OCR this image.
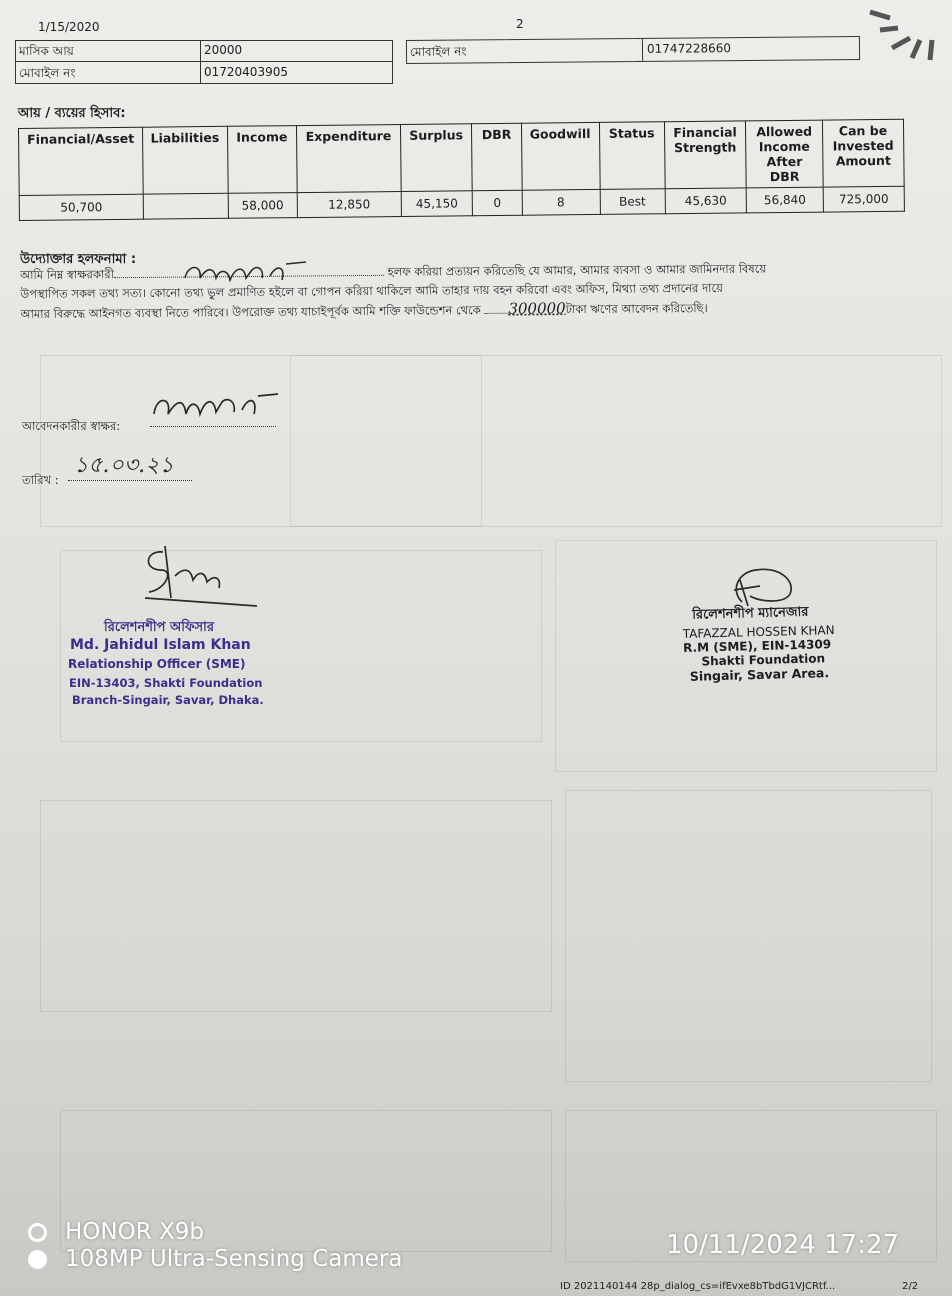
1/15/2020	2
মাসিক আয়	20000
মোবাইল নং	01720403905
মোবাইল নং	01747228660
আয় / ব্যয়ের হিসাব:
Financial/Asset	Liabilities	Income	Expenditure	Surplus	DBR	Goodwill	Status	Financial Strength	Allowed Income After DBR	Can be Invested Amount
50,700		58,000	12,850	45,150	0	8	Best	45,630	56,840	725,000
উদ্যোক্তার হলফনামা :
আমি নিম্ন স্বাক্ষরকারী	হলফ করিয়া প্রত্যয়ন করিতেছি যে আমার, আমার ব্যবসা ও আমার জামিনদার বিষয়ে
উপস্থাপিত সকল তথ্য সত্য। কোনো তথ্য ভুল প্রমাণিত হইলে বা গোপন করিয়া থাকিলে আমি তাহার দায় বহন করিবো এবং অফিস, মিথ্যা তথ্য প্রদানের দায়ে
আমার বিরুদ্ধে আইনগত ব্যবস্থা নিতে পারিবে। উপরোক্ত তথ্য যাচাইপূর্বক আমি শক্তি ফাউন্ডেশন থেকে 300000টাকা ঋণের আবেদন করিতেছি।
আবেদনকারীর স্বাক্ষর:
তারিখ :
১৫.০৩.২১
রিলেশনশীপ অফিসার
Md. Jahidul Islam Khan
Relationship Officer (SME)
EIN-13403, Shakti Foundation
Branch-Singair, Savar, Dhaka.
রিলেশনশীপ ম্যানেজার
TAFAZZAL HOSSEN KHAN
R.M (SME), EIN-14309
Shakti Foundation
Singair, Savar Area.
ID 2021140144 28p_dialog_cs=ifEvxe8bTbdG1VJCRtf...	2/2
HONOR X9b
108MP Ultra-Sensing Camera	10/11/2024 17:27
